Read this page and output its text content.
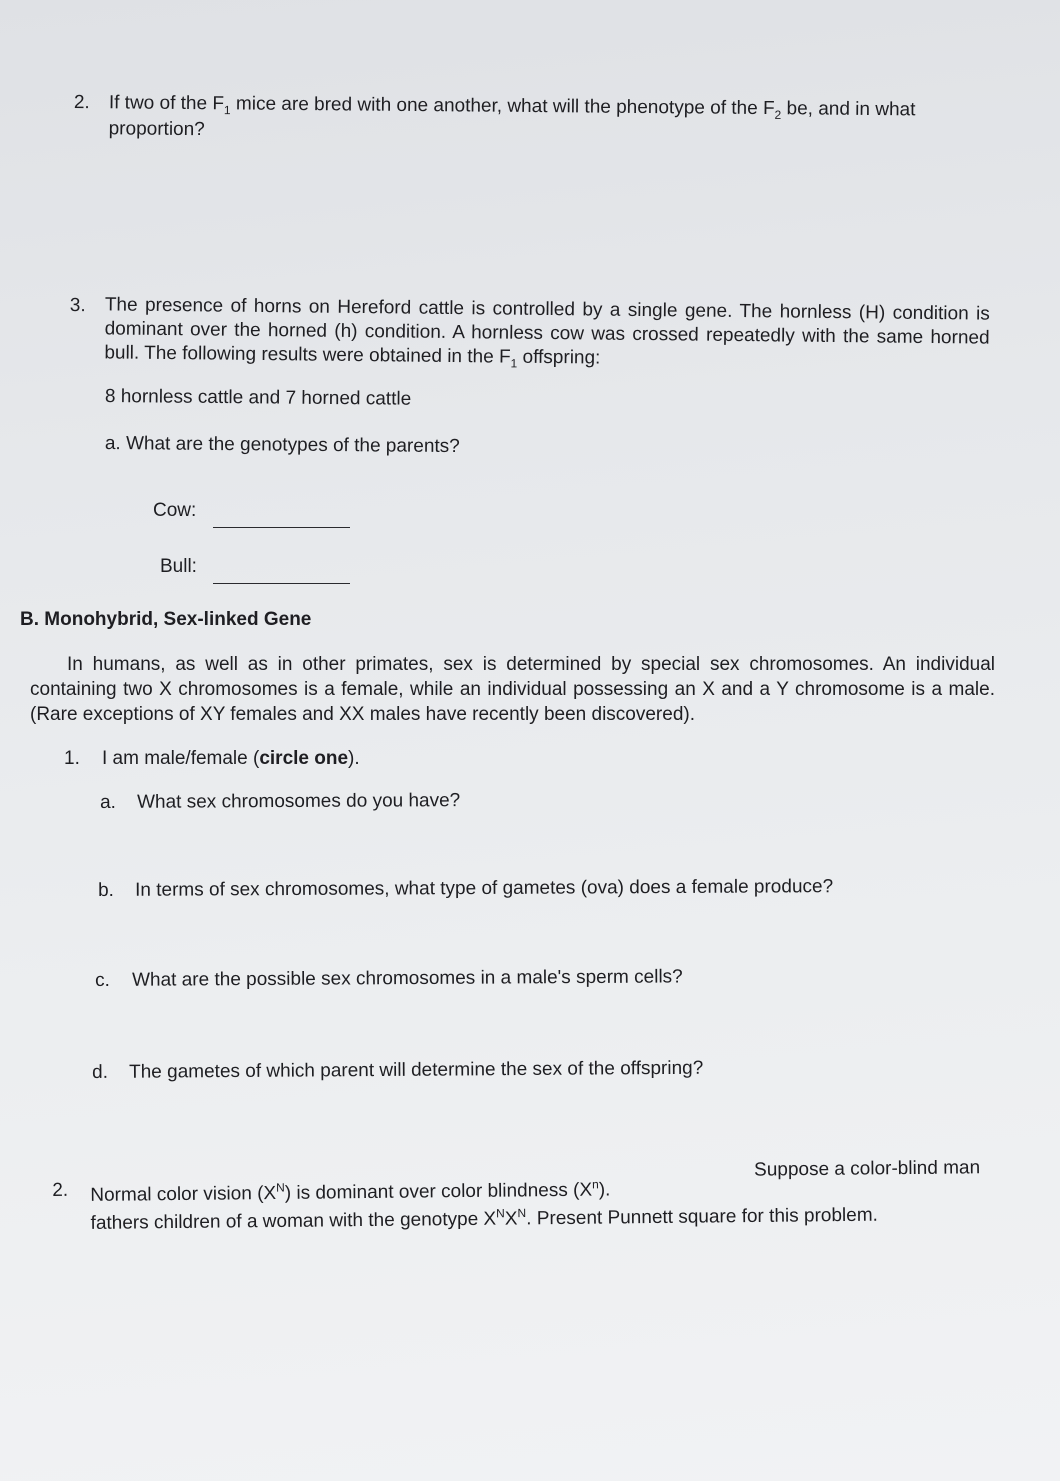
2. If two of the $F_1$ mice are bred with one another, what will the phenotype of the $F_2$ be, and in what
proportion?
3. The presence of horns on Hereford cattle is controlled by a single gene. The hornless (H) condition is dominant over the horned (h) condition. A hornless cow was crossed repeatedly with the same horned bull. The following results were obtained in the $F_1$ offspring:
8 hornless cattle and 7 horned cattle
a. What are the genotypes of the parents?
Cow:
Bull:
B. Monohybrid, Sex-linked Gene
In humans, as well as in other primates, sex is determined by special sex chromosomes. An individual containing two X chromosomes is a female, while an individual possessing an X and a Y chromosome is a male. (Rare exceptions of XY females and XX males have recently been discovered).
1. I am male/female (circle one).
a. What sex chromosomes do you have?
b. In terms of sex chromosomes, what type of gametes (ova) does a female produce?
c. What are the possible sex chromosomes in a male's sperm cells?
d. The gametes of which parent will determine the sex of the offspring?
2. Normal color vision $(X^N)$ is dominant over color blindness $(X^n)$.
Suppose a color-blind man
fathers children of a woman with the genotype $X^NX^N$. Present Punnett square for this problem.
